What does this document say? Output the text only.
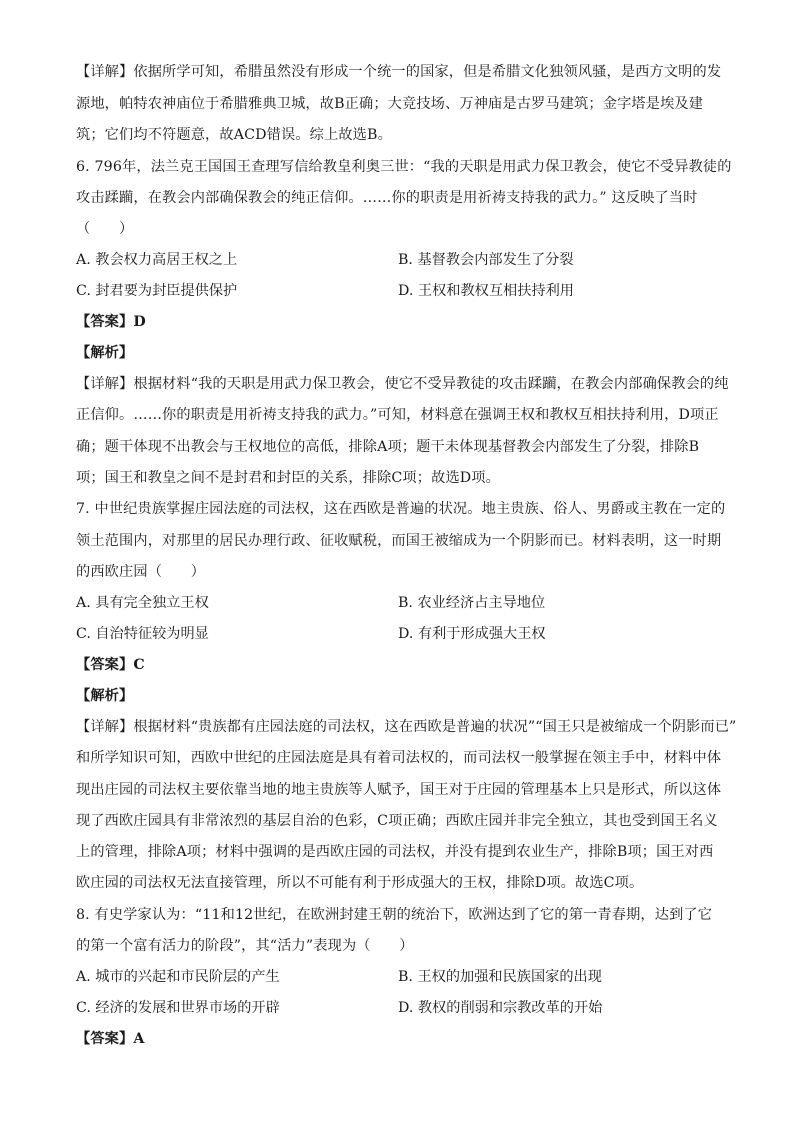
【详解】依据所学可知，希腊虽然没有形成一个统一的国家，但是希腊文化独领风骚，是西方文明的发
源地，帕特农神庙位于希腊雅典卫城，故B正确；大竞技场、万神庙是古罗马建筑；金字塔是埃及建
筑；它们均不符题意，故ACD错误。综上故选B。
6. 796年，法兰克王国国王查理写信给教皇利奥三世：“我的天职是用武力保卫教会，使它不受异教徒的
攻击蹂躏，在教会内部确保教会的纯正信仰。……你的职责是用祈祷支持我的武力。” 这反映了当时
（　　）
A. 教会权力高居王权之上	B. 基督教会内部发生了分裂
C. 封君要为封臣提供保护	D. 王权和教权互相扶持利用
【答案】D
【解析】
【详解】根据材料“我的天职是用武力保卫教会，使它不受异教徒的攻击蹂躏，在教会内部确保教会的纯
正信仰。……你的职责是用祈祷支持我的武力。”可知，材料意在强调王权和教权互相扶持利用，D项正
确；题干体现不出教会与王权地位的高低，排除A项；题干未体现基督教会内部发生了分裂，排除B
项；国王和教皇之间不是封君和封臣的关系，排除C项；故选D项。
7. 中世纪贵族掌握庄园法庭的司法权，这在西欧是普遍的状况。地主贵族、俗人、男爵或主教在一定的
领土范围内，对那里的居民办理行政、征收赋税，而国王被缩成为一个阴影而已。材料表明，这一时期
的西欧庄园（　　）
A. 具有完全独立王权	B. 农业经济占主导地位
C. 自治特征较为明显	D. 有利于形成强大王权
【答案】C
【解析】
【详解】根据材料“贵族都有庄园法庭的司法权，这在西欧是普遍的状况”“国王只是被缩成一个阴影而已”
和所学知识可知，西欧中世纪的庄园法庭是具有着司法权的，而司法权一般掌握在领主手中，材料中体
现出庄园的司法权主要依靠当地的地主贵族等人赋予，国王对于庄园的管理基本上只是形式，所以这体
现了西欧庄园具有非常浓烈的基层自治的色彩，C项正确；西欧庄园并非完全独立，其也受到国王名义
上的管理，排除A项；材料中强调的是西欧庄园的司法权，并没有提到农业生产，排除B项；国王对西
欧庄园的司法权无法直接管理，所以不可能有利于形成强大的王权，排除D项。故选C项。
8. 有史学家认为：“11和12世纪，在欧洲封建王朝的统治下，欧洲达到了它的第一青春期，达到了它
的第一个富有活力的阶段”，其“活力”表现为（　　）
A. 城市的兴起和市民阶层的产生	B. 王权的加强和民族国家的出现
C. 经济的发展和世界市场的开辟	D. 教权的削弱和宗教改革的开始
【答案】A
